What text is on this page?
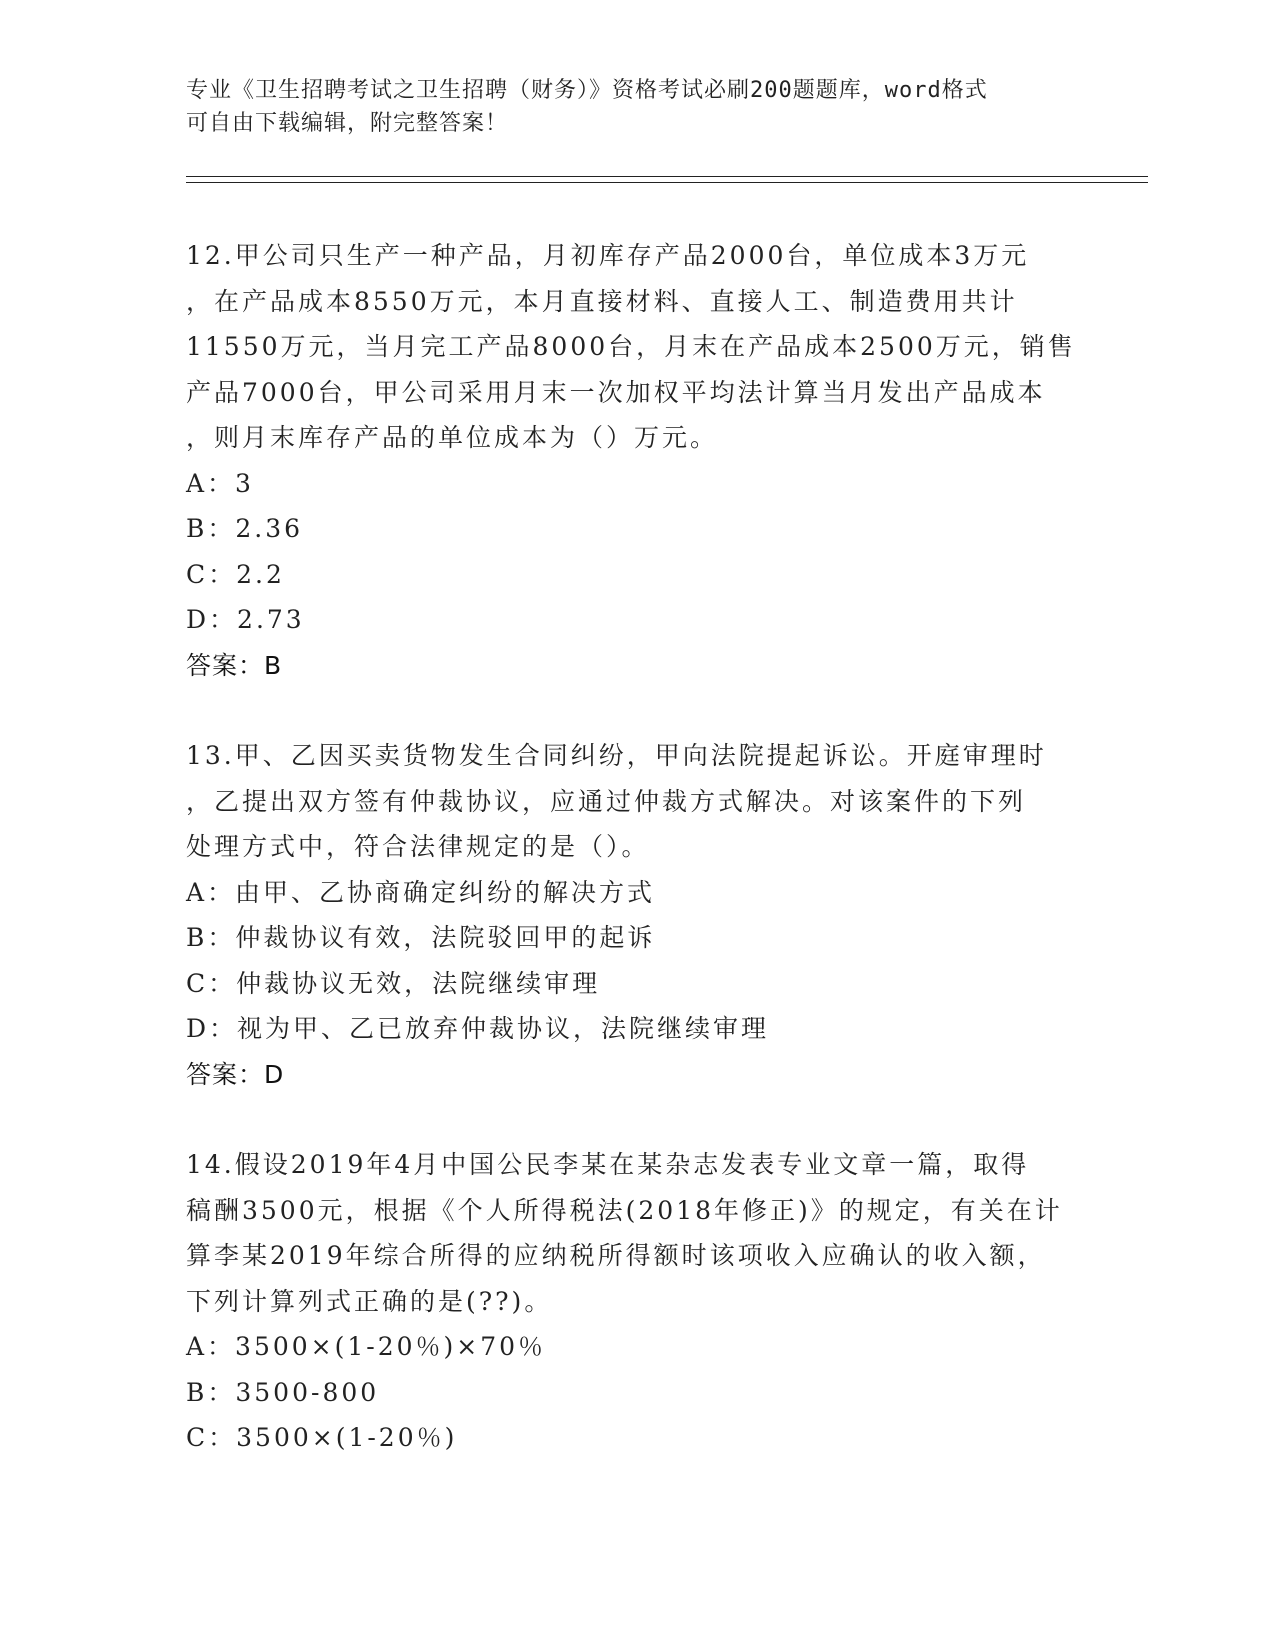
专业《卫生招聘考试之卫生招聘（财务）》资格考试必刷200题题库，word格式
可自由下载编辑，附完整答案！

12.甲公司只生产一种产品，月初库存产品2000台，单位成本3万元

，在产品成本8550万元，本月直接材料、直接人工、制造费用共计

11550万元，当月完工产品8000台，月末在产品成本2500万元，销售

产品7000台，甲公司采用月末一次加权平均法计算当月发出产品成本

，则月末库存产品的单位成本为（）万元。

A：3

B：2.36

C：2.2

D：2.73

答案：B

13.甲、乙因买卖货物发生合同纠纷，甲向法院提起诉讼。开庭审理时

，乙提出双方签有仲裁协议，应通过仲裁方式解决。对该案件的下列

处理方式中，符合法律规定的是（）。

A：由甲、乙协商确定纠纷的解决方式

B：仲裁协议有效，法院驳回甲的起诉

C：仲裁协议无效，法院继续审理

D：视为甲、乙已放弃仲裁协议，法院继续审理

答案：D

14.假设2019年4月中国公民李某在某杂志发表专业文章一篇，取得

稿酬3500元，根据《个人所得税法(2018年修正)》的规定，有关在计

算李某2019年综合所得的应纳税所得额时该项收入应确认的收入额，

下列计算列式正确的是(??)。

A：3500×(1-20％)×70％

B：3500-800

C：3500×(1-20％)
